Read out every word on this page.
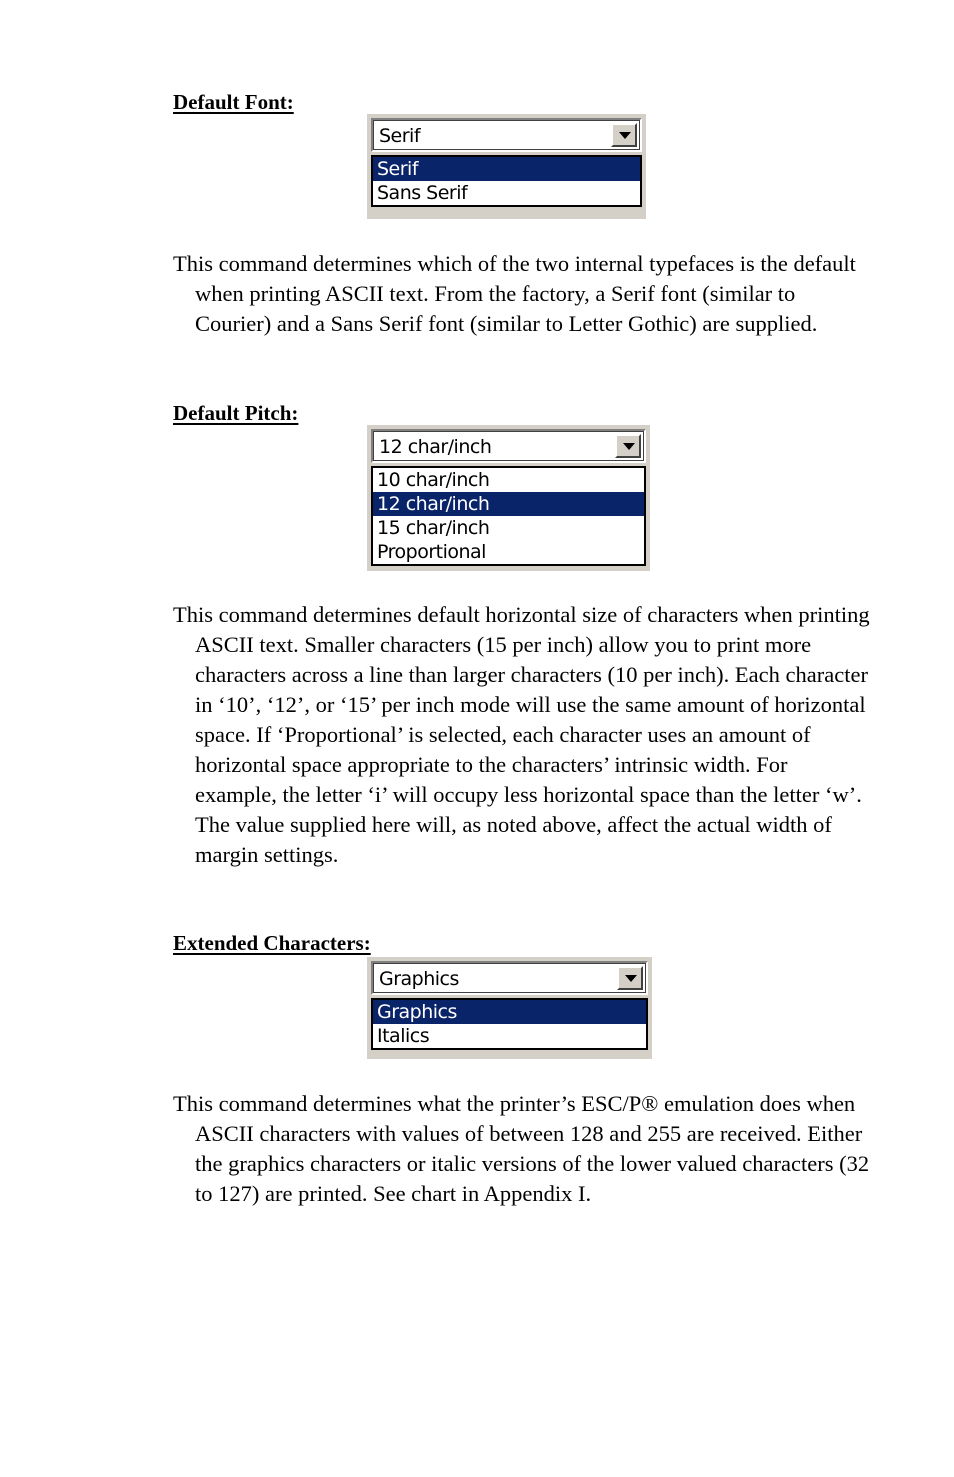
Default Font:
Serif
Serif
Sans Serif

This command determines which of the two internal typefaces is the default when printing ASCII text. From the factory, a Serif font (similar to Courier) and a Sans Serif font (similar to Letter Gothic) are supplied.

Default Pitch:
12 char/inch
10 char/inch
12 char/inch
15 char/inch
Proportional

This command determines default horizontal size of characters when printing ASCII text. Smaller characters (15 per inch) allow you to print more characters across a line than larger characters (10 per inch). Each character in ‘10’, ‘12’, or ‘15’ per inch mode will use the same amount of horizontal space. If ‘Proportional’ is selected, each character uses an amount of horizontal space appropriate to the characters’ intrinsic width. For example, the letter ‘i’ will occupy less horizontal space than the letter ‘w’. The value supplied here will, as noted above, affect the actual width of margin settings.

Extended Characters:
Graphics
Graphics
Italics

This command determines what the printer’s ESC/P® emulation does when ASCII characters with values of between 128 and 255 are received. Either the graphics characters or italic versions of the lower valued characters (32 to 127) are printed. See chart in Appendix I.
